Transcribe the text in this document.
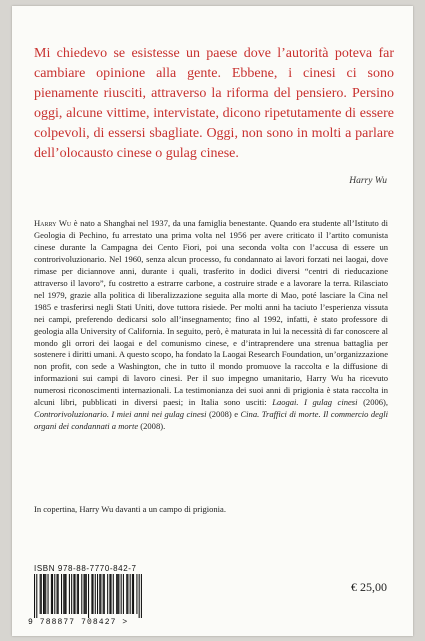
Mi chiedevo se esistesse un paese dove l’autorità poteva far cambiare opinione alla gente. Ebbene, i cinesi ci sono pienamente riusciti, attraverso la riforma del pensiero. Persino oggi, alcune vittime, intervistate, dicono ripetutamente di essere colpevoli, di essersi sbagliate. Oggi, non sono in molti a parlare dell’olocausto cinese o gulag cinese.

Harry Wu

Harry Wu è nato a Shanghai nel 1937, da una famiglia benestante. Quando era studente all’Istituto di Geologia di Pechino, fu arrestato una prima volta nel 1956 per avere criticato il l’artito comunista cinese durante la Campagna dei Cento Fiori, poi una seconda volta con l’accusa di essere un controrivoluzionario. Nel 1960, senza alcun processo, fu condannato ai lavori forzati nei laogai, dove rimase per diciannove anni, durante i quali, trasferito in dodici diversi “centri di rieducazione attraverso il lavoro”, fu costretto a estrarre carbone, a costruire strade e a lavorare la terra. Rilasciato nel 1979, grazie alla politica di liberalizzazione seguita alla morte di Mao, poté lasciare la Cina nel 1985 e trasferirsi negli Stati Uniti, dove tuttora risiede. Per molti anni ha taciuto l’esperienza vissuta nei campi, preferendo dedicarsi solo all’insegnamento; fino al 1992, infatti, è stato professore di geologia alla University of California. In seguito, però, è maturata in lui la necessità di far conoscere al mondo gli orrori dei laogai e del comunismo cinese, e d’intraprendere una strenua battaglia per sostenere i diritti umani. A questo scopo, ha fondato la Laogai Research Foundation, un’organizzazione non profit, con sede a Washington, che in tutto il mondo promuove la raccolta e la diffusione di informazioni sui campi di lavoro cinesi. Per il suo impegno umanitario, Harry Wu ha ricevuto numerosi riconoscimenti internazionali. La testimonianza dei suoi anni di prigionia è stata raccolta in alcuni libri, pubblicati in diversi paesi; in Italia sono usciti: Laogai. I gulag cinesi (2006), Controrivoluzionario. I miei anni nei gulag cinesi (2008) e Cina. Traffici di morte. Il commercio degli organi dei condannati a morte (2008).

In copertina, Harry Wu davanti a un campo di prigionia.

ISBN 978-88-7770-842-7
€ 25,00
9 788877 708427 >
